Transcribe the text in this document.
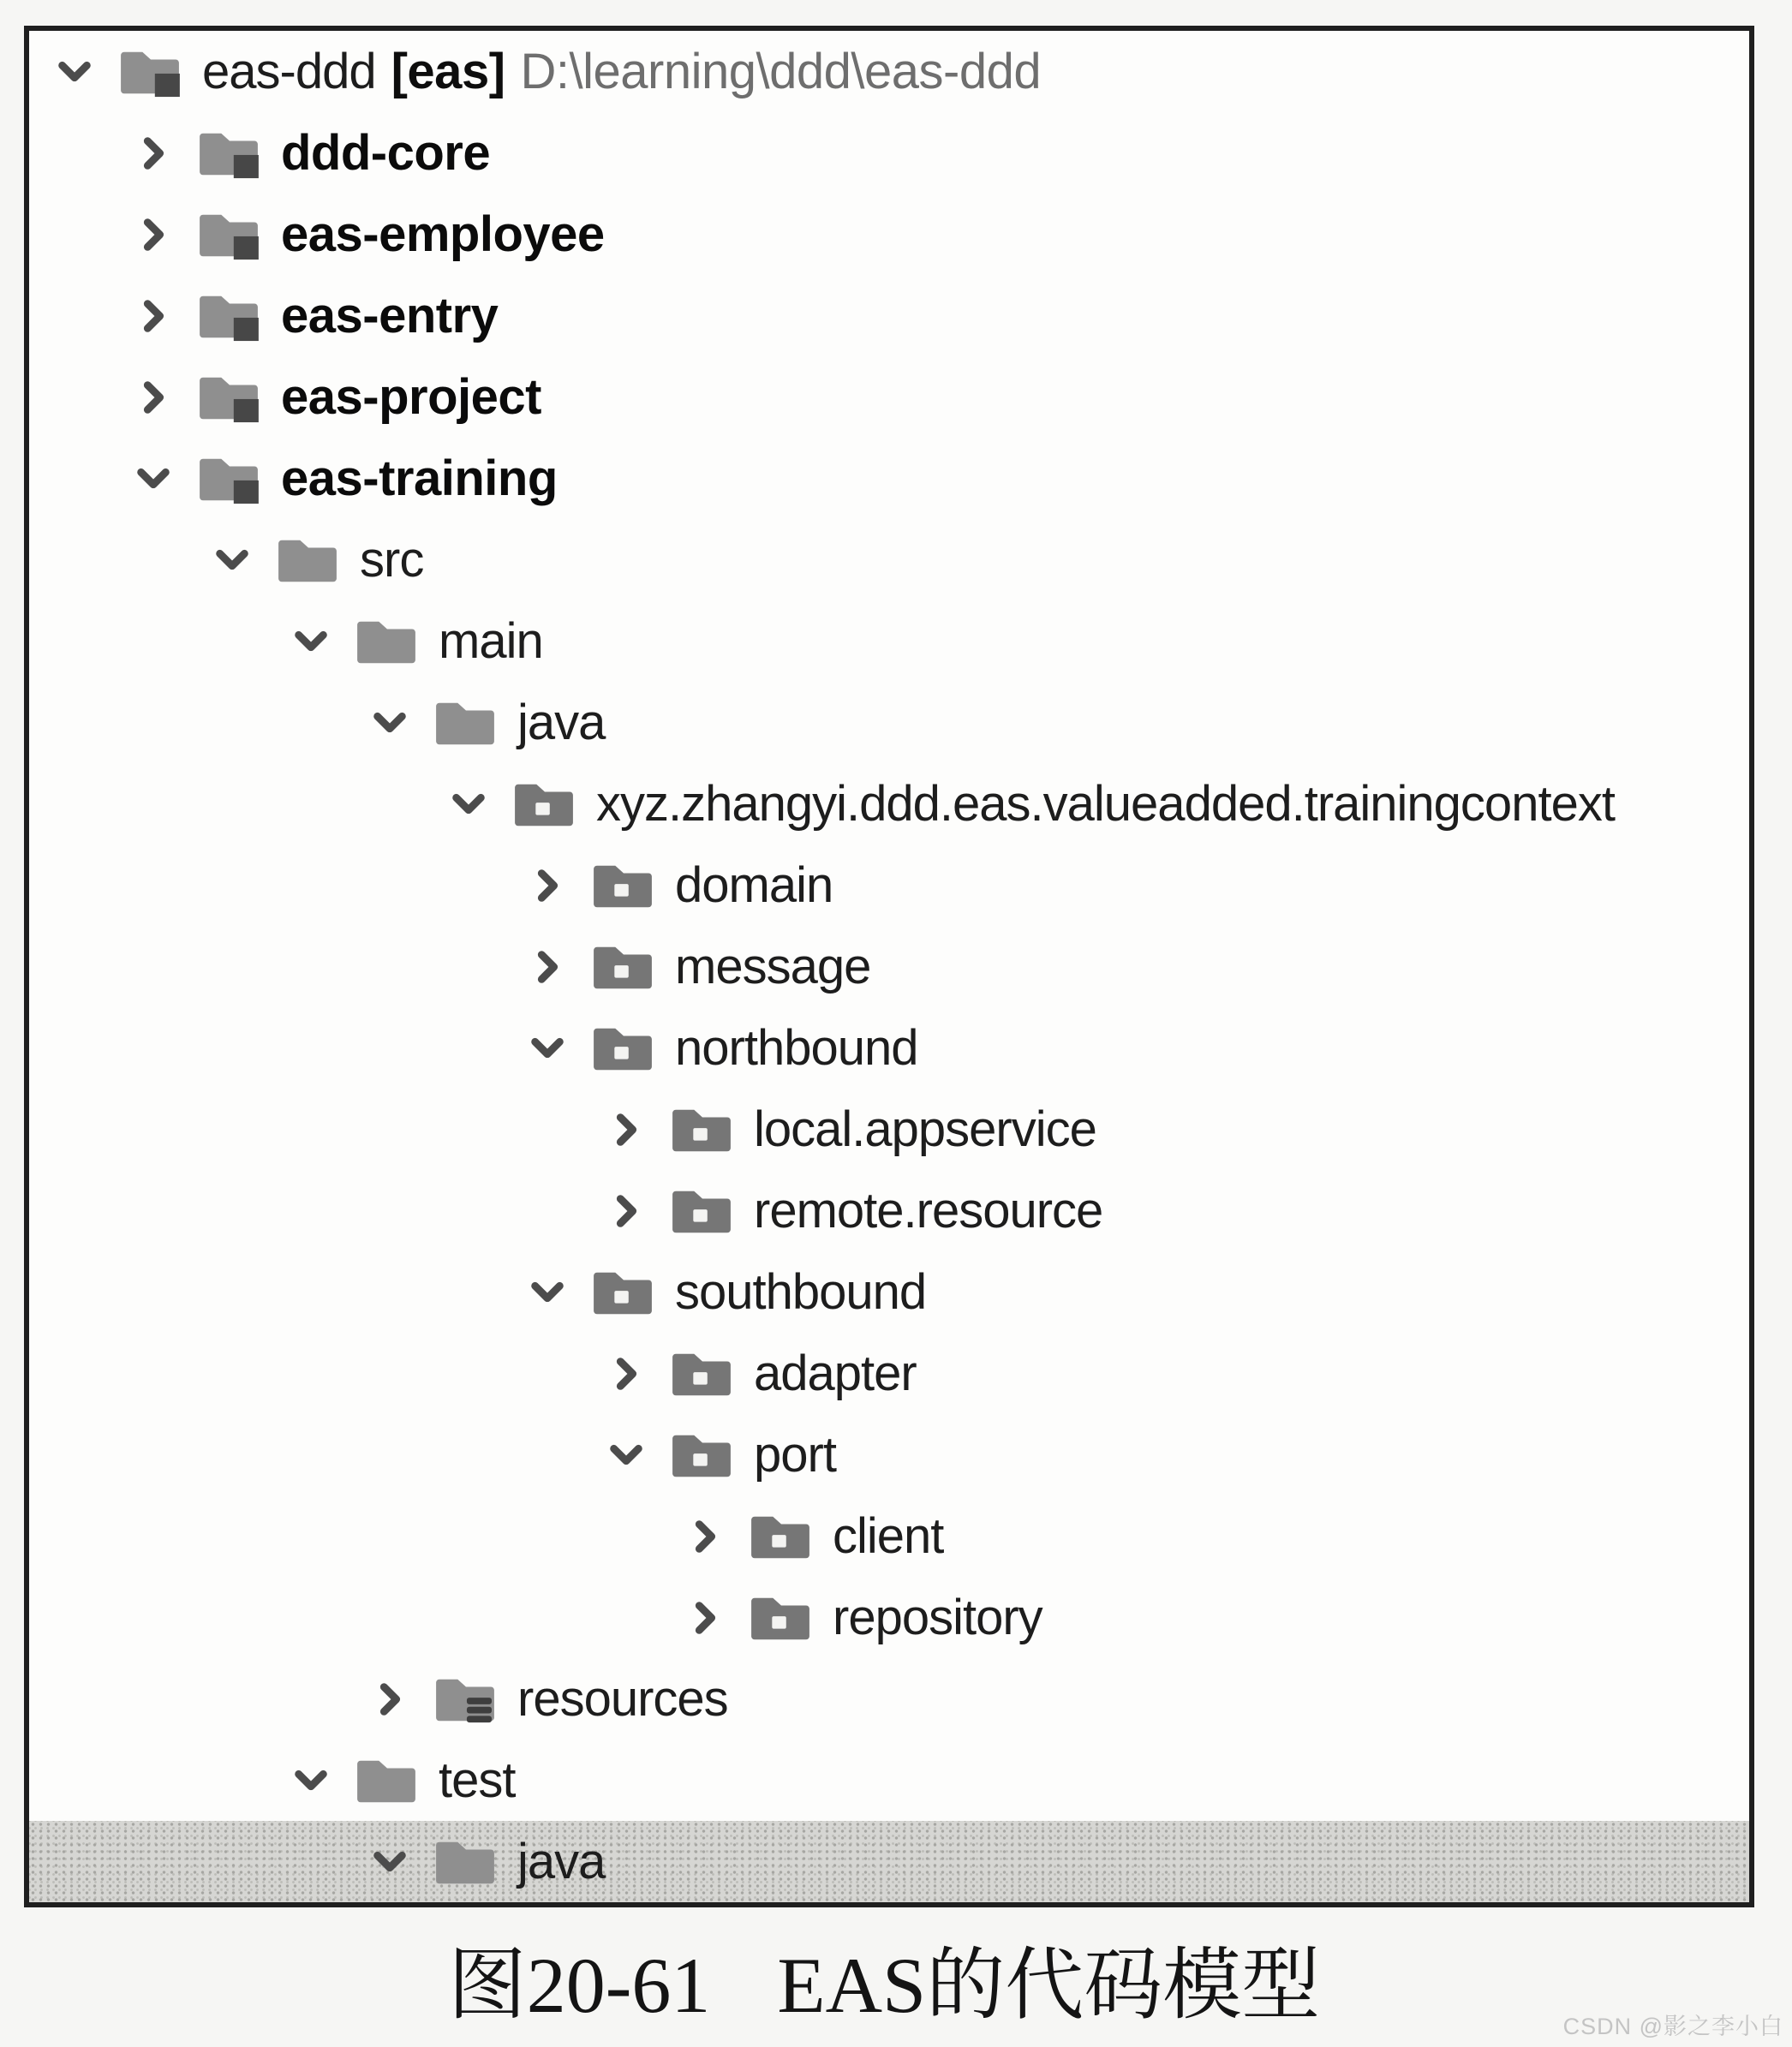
eas-ddd [eas] D:\learning\ddd\eas-ddd
ddd-core
eas-employee
eas-entry
eas-project
eas-training
src
main
java
xyz.zhangyi.ddd.eas.valueadded.trainingcontext
domain
message
northbound
local.appservice
remote.resource
southbound
adapter
port
client
repository
resources
test
java
图20-61 EAS的代码模型	CSDN @影之李小白
